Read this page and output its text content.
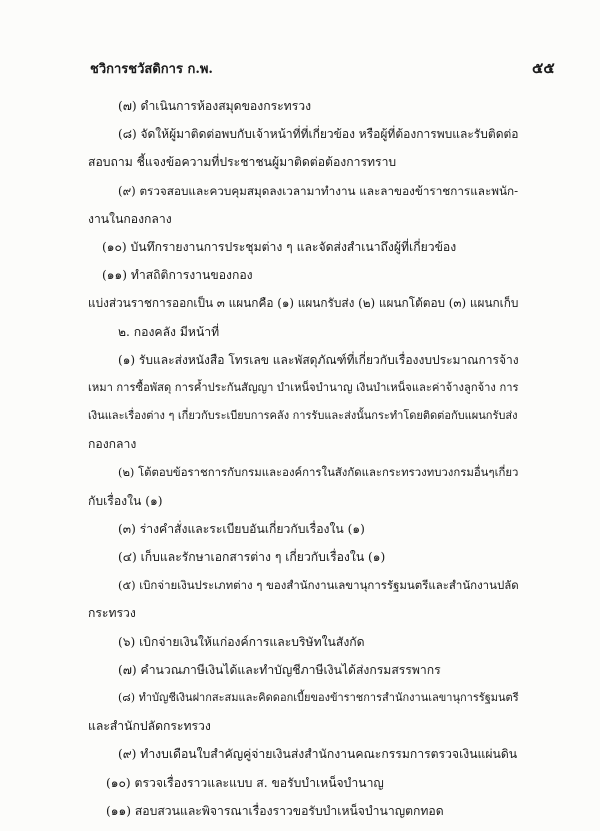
ชวิการชวัสดิการ ก.พ.	๕๕
(๗) ดำเนินการห้องสมุดของกระทรวง
(๘) จัดให้ผู้มาติดต่อพบกับเจ้าหน้าที่ที่เกี่ยวข้อง หรือผู้ที่ต้องการพบและรับติดต่อ
สอบถาม ชี้แจงข้อความที่ประชาชนผู้มาติดต่อต้องการทราบ
(๙) ตรวจสอบและควบคุมสมุดลงเวลามาทำงาน และลาของข้าราชการและพนัก-
งานในกองกลาง
(๑๐) บันทึกรายงานการประชุมต่าง ๆ และจัดส่งสำเนาถึงผู้ที่เกี่ยวข้อง
(๑๑) ทำสถิติการงานของกอง
แบ่งส่วนราชการออกเป็น ๓ แผนกคือ (๑) แผนกรับส่ง (๒) แผนกโต้ตอบ (๓) แผนกเก็บ
๒. กองคลัง มีหน้าที่
(๑) รับและส่งหนังสือ โทรเลข และพัสดุภัณฑ์ที่เกี่ยวกับเรื่องงบประมาณการจ้าง
เหมา การซื้อพัสดุ การค้ำประกันสัญญา บำเหน็จบำนาญ เงินบำเหน็จและค่าจ้างลูกจ้าง การ
เงินและเรื่องต่าง ๆ เกี่ยวกับระเบียบการคลัง การรับและส่งนั้นกระทำโดยติดต่อกับแผนกรับส่ง
กองกลาง
(๒) โต้ตอบข้อราชการกับกรมและองค์การในสังกัดและกระทรวงทบวงกรมอื่นๆเกี่ยว
กับเรื่องใน (๑)
(๓) ร่างคำสั่งและระเบียบอันเกี่ยวกับเรื่องใน (๑)
(๔) เก็บและรักษาเอกสารต่าง ๆ เกี่ยวกับเรื่องใน (๑)
(๕) เบิกจ่ายเงินประเภทต่าง ๆ ของสำนักงานเลขานุการรัฐมนตรีและสำนักงานปลัด
กระทรวง
(๖) เบิกจ่ายเงินให้แก่องค์การและบริษัทในสังกัด
(๗) คำนวณภาษีเงินได้และทำบัญชีภาษีเงินได้ส่งกรมสรรพากร
(๘) ทำบัญชีเงินฝากสะสมและคิดดอกเบี้ยของข้าราชการสำนักงานเลขานุการรัฐมนตรี
และสำนักปลัดกระทรวง
(๙) ทำงบเดือนใบสำคัญคู่จ่ายเงินส่งสำนักงานคณะกรรมการตรวจเงินแผ่นดิน
(๑๐) ตรวจเรื่องราวและแบบ ส. ขอรับบำเหน็จบำนาญ
(๑๑) สอบสวนและพิจารณาเรื่องราวขอรับบำเหน็จบำนาญตกทอด
